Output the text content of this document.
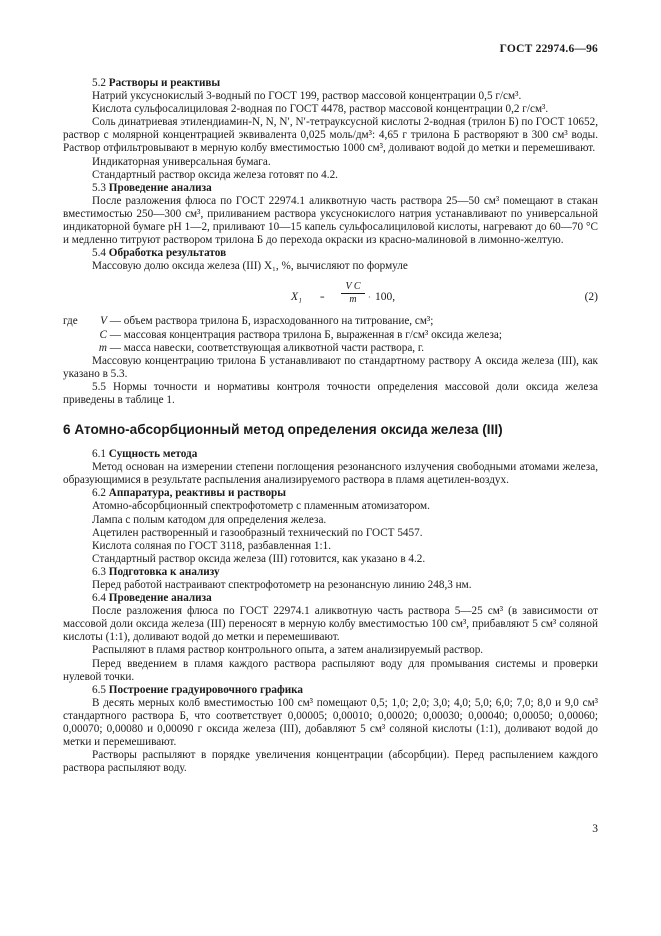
ГОСТ 22974.6—96

5.2 Растворы и реактивы

Натрий уксуснокислый 3-водный по ГОСТ 199, раствор массовой концентрации 0,5 г/см³.

Кислота сульфосалициловая 2-водная по ГОСТ 4478, раствор массовой концентрации 0,2 г/см³.

Соль динатриевая этилендиамин-N, N, N′, N′-тетрауксусной кислоты 2-водная (трилон Б) по ГОСТ 10652, раствор с молярной концентрацией эквивалента 0,025 моль/дм³: 4,65 г трилона Б растворяют в 300 см³ воды. Раствор отфильтровывают в мерную колбу вместимостью 1000 см³, доливают водой до метки и перемешивают.

Индикаторная универсальная бумага.

Стандартный раствор оксида железа готовят по 4.2.

5.3 Проведение анализа

После разложения флюса по ГОСТ 22974.1 аликвотную часть раствора 25—50 см³ помещают в стакан вместимостью 250—300 см³, приливанием раствора уксуснокислого натрия устанавливают по универсальной индикаторной бумаге pH 1—2, приливают 10—15 капель сульфосалициловой кислоты, нагревают до 60—70 °С и медленно титруют раствором трилона Б до перехода окраски из красно-малиновой в лимонно-желтую.

5.4 Обработка результатов

Массовую долю оксида железа (III) X₁, %, вычисляют по формуле

$X_1 = \frac{\text{V C}}{m} \cdot 100$,	(2)

где V — объем раствора трилона Б, израсходованного на титрование, см³;

C — массовая концентрация раствора трилона Б, выраженная в г/см³ оксида железа;

m — масса навески, соответствующая аликвотной части раствора, г.

Массовую концентрацию трилона Б устанавливают по стандартному раствору А оксида железа (III), как указано в 5.3.

5.5 Нормы точности и нормативы контроля точности определения массовой доли оксида железа приведены в таблице 1.

6 Атомно-абсорбционный метод определения оксида железа (III)

6.1 Сущность метода

Метод основан на измерении степени поглощения резонансного излучения свободными атомами железа, образующимися в результате распыления анализируемого раствора в пламя ацетилен-воздух.

6.2 Аппаратура, реактивы и растворы

Атомно-абсорбционный спектрофотометр с пламенным атомизатором.

Лампа с полым катодом для определения железа.

Ацетилен растворенный и газообразный технический по ГОСТ 5457.

Кислота соляная по ГОСТ 3118, разбавленная 1:1.

Стандартный раствор оксида железа (III) готовится, как указано в 4.2.

6.3 Подготовка к анализу

Перед работой настраивают спектрофотометр на резонансную линию 248,3 нм.

6.4 Проведение анализа

После разложения флюса по ГОСТ 22974.1 аликвотную часть раствора 5—25 см³ (в зависимости от массовой доли оксида железа (III) переносят в мерную колбу вместимостью 100 см³, прибавляют 5 см³ соляной кислоты (1:1), доливают водой до метки и перемешивают.

Распыляют в пламя раствор контрольного опыта, а затем анализируемый раствор.

Перед введением в пламя каждого раствора распыляют воду для промывания системы и проверки нулевой точки.

6.5 Построение градуировочного графика

В десять мерных колб вместимостью 100 см³ помещают 0,5; 1,0; 2,0; 3,0; 4,0; 5,0; 6,0; 7,0; 8,0 и 9,0 см³ стандартного раствора Б, что соответствует 0,00005; 0,00010; 0,00020; 0,00030; 0,00040; 0,00050; 0,00060; 0,00070; 0,00080 и 0,00090 г оксида железа (III), добавляют 5 см³ соляной кислоты (1:1), доливают водой до метки и перемешивают.

Растворы распыляют в порядке увеличения концентрации (абсорбции). Перед распылением каждого раствора распыляют воду.

3
